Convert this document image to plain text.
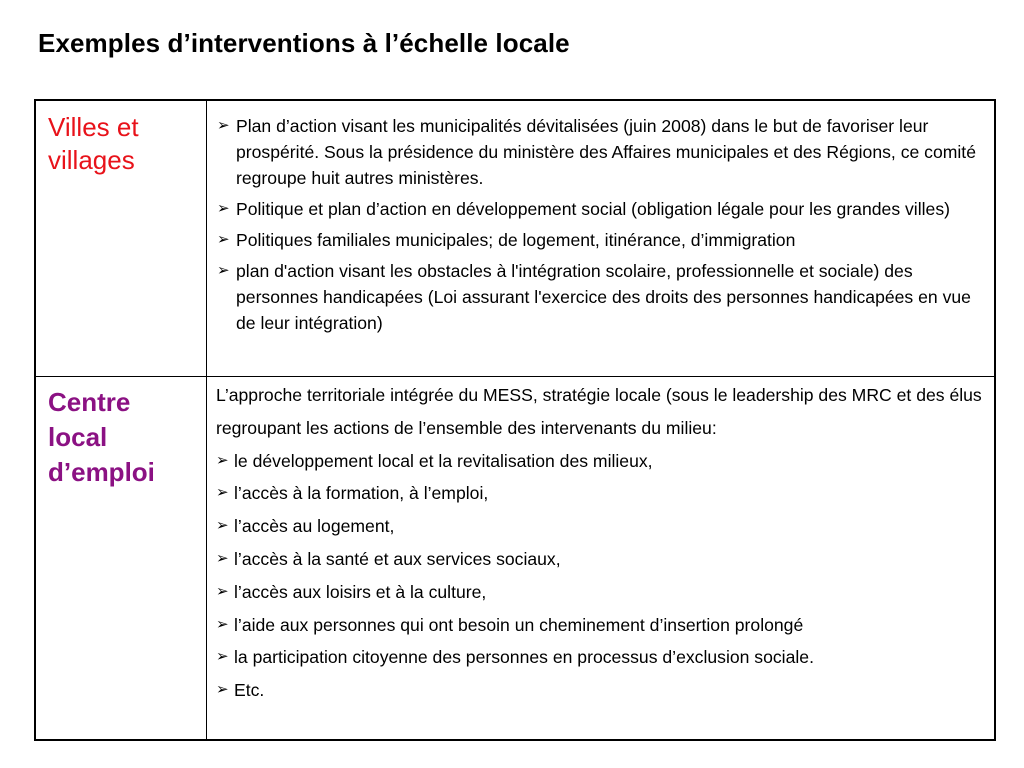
Exemples d’interventions à l’échelle locale
Villes et villages
➢ Plan d’action visant les municipalités dévitalisées (juin 2008) dans le but de favoriser leur prospérité. Sous la présidence du ministère des Affaires municipales et des Régions, ce comité regroupe huit autres ministères.
➢ Politique et plan d’action en développement social (obligation légale pour les grandes villes)
➢ Politiques familiales municipales; de logement, itinérance, d’immigration
➢ plan d'action visant les obstacles à l'intégration scolaire, professionnelle et sociale) des personnes handicapées (Loi assurant l'exercice des droits des personnes handicapées en vue de leur intégration)
Centre local d’emploi

L’approche territoriale intégrée du MESS, stratégie locale (sous le leadership des MRC et des élus regroupant les actions de l’ensemble des intervenants du milieu:

➢ le développement local et la revitalisation des milieux,
➢ l’accès à la formation, à l’emploi,
➢ l’accès au logement,
➢ l’accès à la santé et aux services sociaux,
➢ l’accès aux loisirs et à la culture,
➢ l’aide aux personnes qui ont besoin un cheminement d’insertion prolongé
➢ la participation citoyenne des personnes en processus d’exclusion sociale.
➢ Etc.
